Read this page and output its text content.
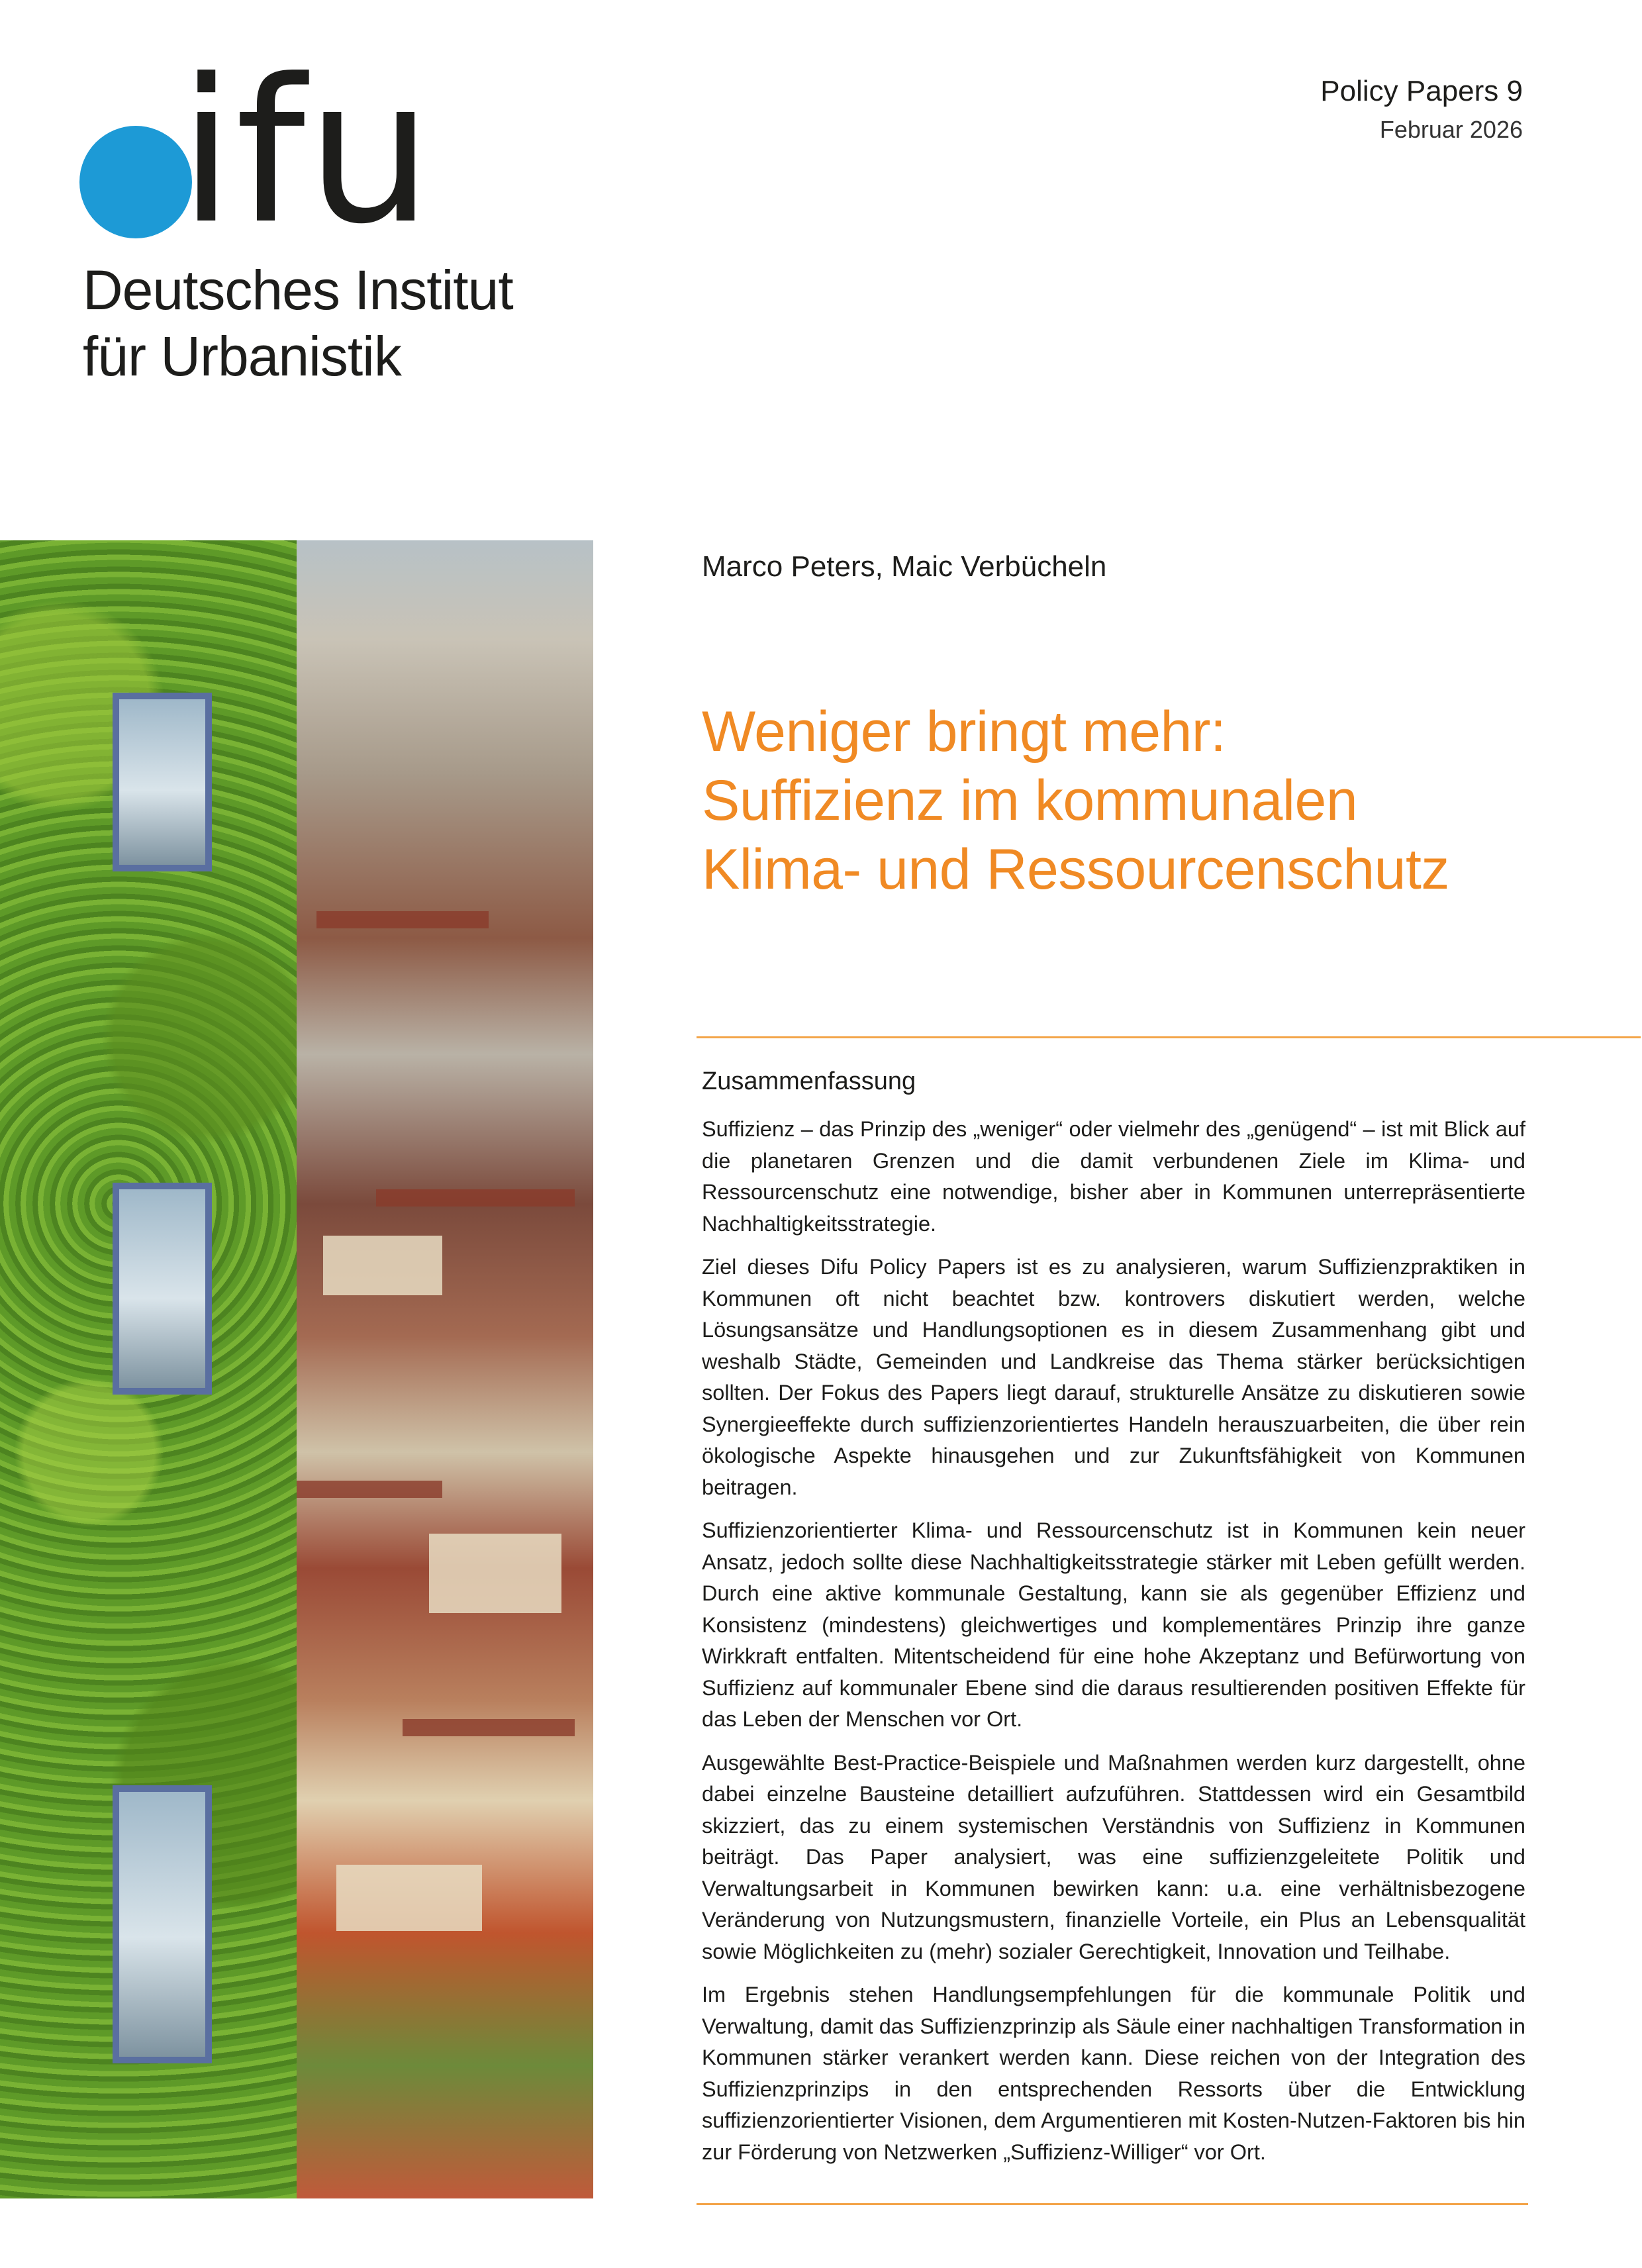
ifu
Deutsches Institut
für Urbanistik
Policy Papers 9
Februar 2026
Marco Peters, Maic Verbücheln
Weniger bringt mehr:
Suffizienz im kommunalen
Klima- und Ressourcenschutz
Zusammenfassung

Suffizienz – das Prinzip des „weniger“ oder vielmehr des „genügend“ – ist mit Blick auf die planetaren Grenzen und die damit verbundenen Ziele im Klima- und Ressourcenschutz eine notwendige, bisher aber in Kommunen unterrepräsentierte Nachhaltigkeitsstrategie.

Ziel dieses Difu Policy Papers ist es zu analysieren, warum Suffizienzpraktiken in Kommunen oft nicht beachtet bzw. kontrovers diskutiert werden, welche Lösungsansätze und Handlungsoptionen es in diesem Zusammenhang gibt und weshalb Städte, Gemeinden und Landkreise das Thema stärker berücksichtigen sollten. Der Fokus des Papers liegt darauf, strukturelle Ansätze zu diskutieren sowie Synergieeffekte durch suffizienzorientiertes Handeln herauszuarbeiten, die über rein ökologische Aspekte hinausgehen und zur Zukunftsfähigkeit von Kommunen beitragen.

Suffizienzorientierter Klima- und Ressourcenschutz ist in Kommunen kein neuer Ansatz, jedoch sollte diese Nachhaltigkeitsstrategie stärker mit Leben gefüllt werden. Durch eine aktive kommunale Gestaltung, kann sie als gegenüber Effizienz und Konsistenz (mindestens) gleichwertiges und komplementäres Prinzip ihre ganze Wirkkraft entfalten. Mitentscheidend für eine hohe Akzeptanz und Befürwortung von Suffizienz auf kommunaler Ebene sind die daraus resultierenden positiven Effekte für das Leben der Menschen vor Ort.

Ausgewählte Best-Practice-Beispiele und Maßnahmen werden kurz dargestellt, ohne dabei einzelne Bausteine detailliert aufzuführen. Stattdessen wird ein Gesamtbild skizziert, das zu einem systemischen Verständnis von Suffizienz in Kommunen beiträgt. Das Paper analysiert, was eine suffizienzgeleitete Politik und Verwaltungsarbeit in Kommunen bewirken kann: u.a. eine verhältnisbezogene Veränderung von Nutzungsmustern, finanzielle Vorteile, ein Plus an Lebensqualität sowie Möglichkeiten zu (mehr) sozialer Gerechtigkeit, Innovation und Teilhabe.

Im Ergebnis stehen Handlungsempfehlungen für die kommunale Politik und Verwaltung, damit das Suffizienzprinzip als Säule einer nachhaltigen Transformation in Kommunen stärker verankert werden kann. Diese reichen von der Integration des Suffizienzprinzips in den entsprechenden Ressorts über die Entwicklung suffizienzorientierter Visionen, dem Argumentieren mit Kosten-Nutzen-Faktoren bis hin zur Förderung von Netzwerken „Suffizienz-Williger“ vor Ort.
